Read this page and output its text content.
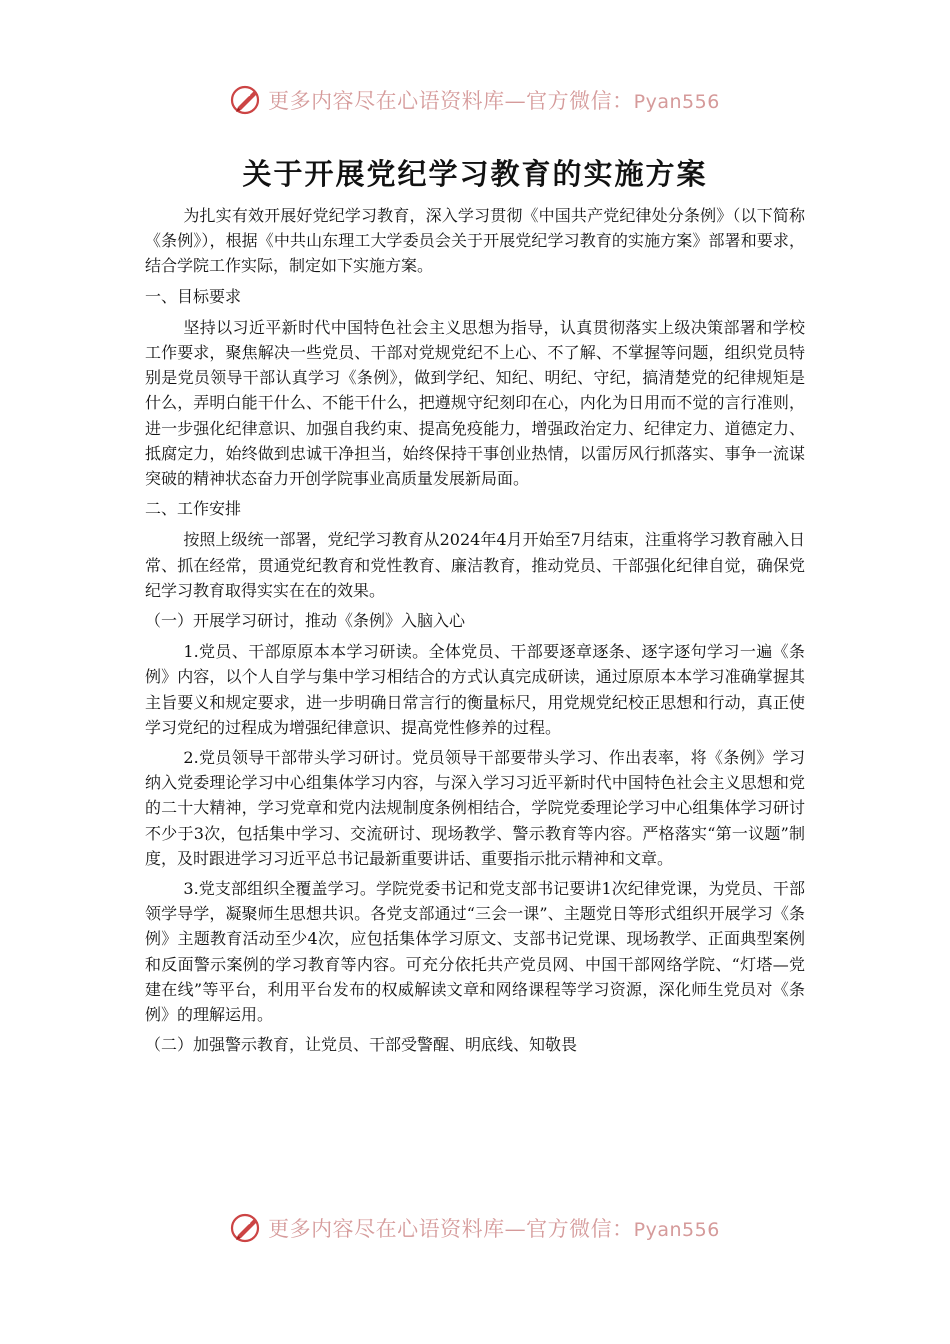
更多内容尽在心语资料库—官方微信：Pyan556
关于开展党纪学习教育的实施方案

为扎实有效开展好党纪学习教育，深入学习贯彻《中国共产党纪律处分条例》（以下简称《条例》），根据《中共山东理工大学委员会关于开展党纪学习教育的实施方案》部署和要求，结合学院工作实际，制定如下实施方案。

一、目标要求

坚持以习近平新时代中国特色社会主义思想为指导，认真贯彻落实上级决策部署和学校工作要求，聚焦解决一些党员、干部对党规党纪不上心、不了解、不掌握等问题，组织党员特别是党员领导干部认真学习《条例》，做到学纪、知纪、明纪、守纪，搞清楚党的纪律规矩是什么，弄明白能干什么、不能干什么，把遵规守纪刻印在心，内化为日用而不觉的言行准则，进一步强化纪律意识、加强自我约束、提高免疫能力，增强政治定力、纪律定力、道德定力、抵腐定力，始终做到忠诚干净担当，始终保持干事创业热情，以雷厉风行抓落实、事争一流谋突破的精神状态奋力开创学院事业高质量发展新局面。

二、工作安排

按照上级统一部署，党纪学习教育从2024年4月开始至7月结束，注重将学习教育融入日常、抓在经常，贯通党纪教育和党性教育、廉洁教育，推动党员、干部强化纪律自觉，确保党纪学习教育取得实实在在的效果。

（一）开展学习研讨，推动《条例》入脑入心

1.党员、干部原原本本学习研读。全体党员、干部要逐章逐条、逐字逐句学习一遍《条例》内容，以个人自学与集中学习相结合的方式认真完成研读，通过原原本本学习准确掌握其主旨要义和规定要求，进一步明确日常言行的衡量标尺，用党规党纪校正思想和行动，真正使学习党纪的过程成为增强纪律意识、提高党性修养的过程。

2.党员领导干部带头学习研讨。党员领导干部要带头学习、作出表率，将《条例》学习纳入党委理论学习中心组集体学习内容，与深入学习习近平新时代中国特色社会主义思想和党的二十大精神，学习党章和党内法规制度条例相结合，学院党委理论学习中心组集体学习研讨不少于3次，包括集中学习、交流研讨、现场教学、警示教育等内容。严格落实“第一议题”制度，及时跟进学习习近平总书记最新重要讲话、重要指示批示精神和文章。

3.党支部组织全覆盖学习。学院党委书记和党支部书记要讲1次纪律党课，为党员、干部领学导学，凝聚师生思想共识。各党支部通过“三会一课”、主题党日等形式组织开展学习《条例》主题教育活动至少4次，应包括集体学习原文、支部书记党课、现场教学、正面典型案例和反面警示案例的学习教育等内容。可充分依托共产党员网、中国干部网络学院、“灯塔—党建在线”等平台，利用平台发布的权威解读文章和网络课程等学习资源，深化师生党员对《条例》的理解运用。

（二）加强警示教育，让党员、干部受警醒、明底线、知敬畏

更多内容尽在心语资料库—官方微信：Pyan556
